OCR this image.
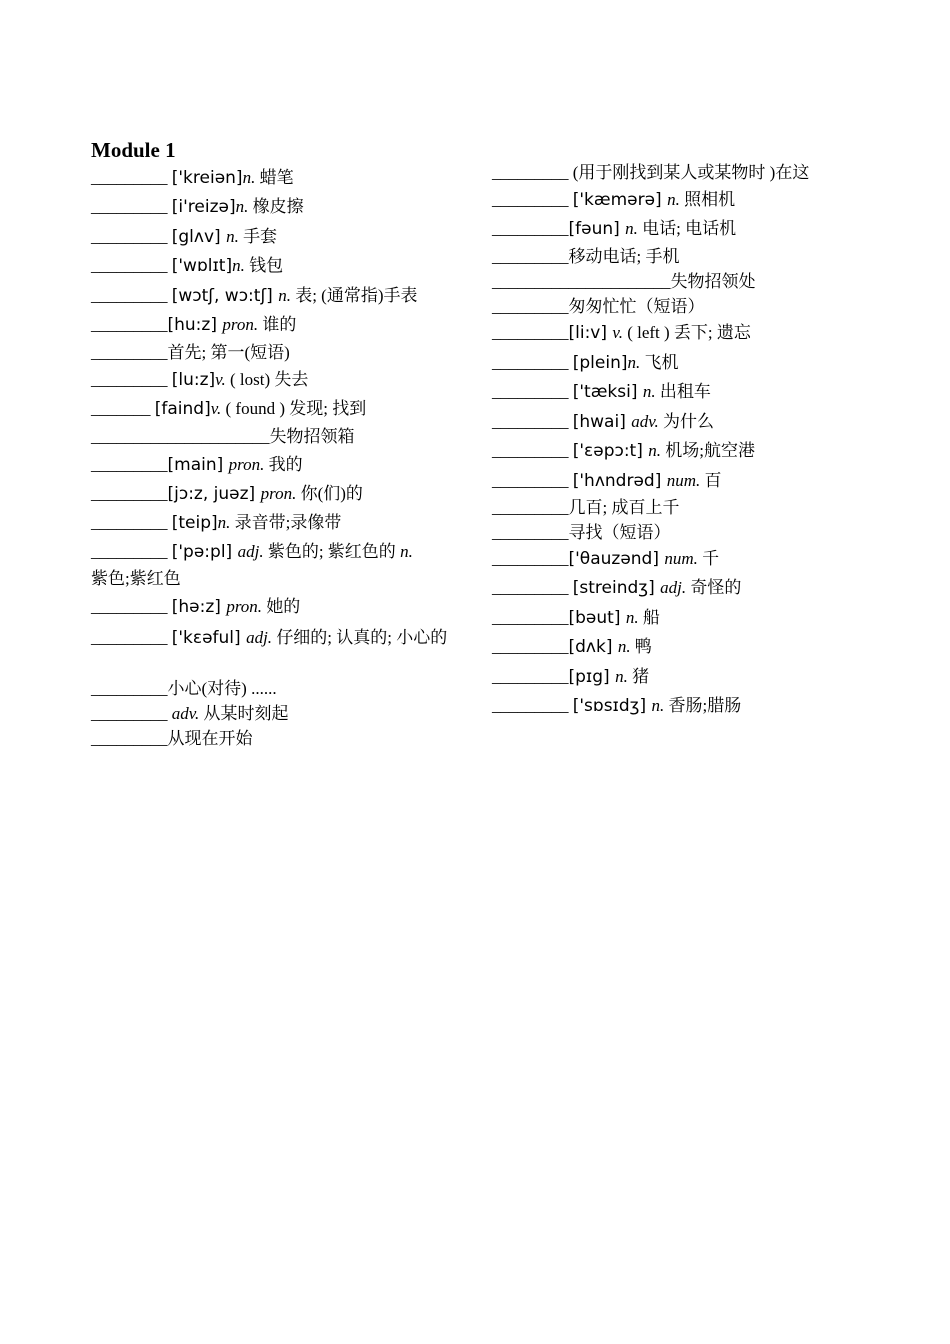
Module 1
_________ ['kreiən]n. 蜡笔
_________ [i'reizə]n. 橡皮擦
_________ [glʌv] n. 手套
_________ ['wɒlɪt]n. 钱包
_________ [wɔtʃ, wɔ:tʃ] n. 表; (通常指)手表
_________[hu:z] pron. 谁的
_________首先; 第一(短语)
_________ [lu:z]v. ( lost) 失去
_______ [faind]v. ( found ) 发现; 找到
_____________________失物招领箱
_________[main] pron. 我的
_________[jɔ:z, juəz] pron. 你(们)的
_________ [teip]n. 录音带;录像带
_________ ['pə:pl] adj. 紫色的; 紫红色的 n.
紫色;紫红色
_________ [hə:z] pron. 她的
_________ ['kɛəful] adj. 仔细的; 认真的; 小心的
_________小心(对待) ......
_________ adv. 从某时刻起
_________从现在开始
_________ (用于刚找到某人或某物时 )在这
_________ ['kæmərə] n. 照相机
_________[fəun] n. 电话; 电话机
_________移动电话; 手机
_____________________失物招领处
_________匆匆忙忙（短语）
_________[li:v] v. ( left ) 丢下; 遗忘
_________ [plein]n. 飞机
_________ ['tæksi] n. 出租车
_________ [hwai] adv. 为什么
_________ ['ɛəpɔ:t] n. 机场;航空港
_________ ['hʌndrəd] num. 百
_________几百; 成百上千
_________寻找（短语）
_________['θauzənd] num. 千
_________ [streindʒ] adj. 奇怪的
_________[bəut] n. 船
_________[dʌk] n. 鸭
_________[pɪg] n. 猪
_________ ['sɒsɪdʒ] n. 香肠;腊肠
